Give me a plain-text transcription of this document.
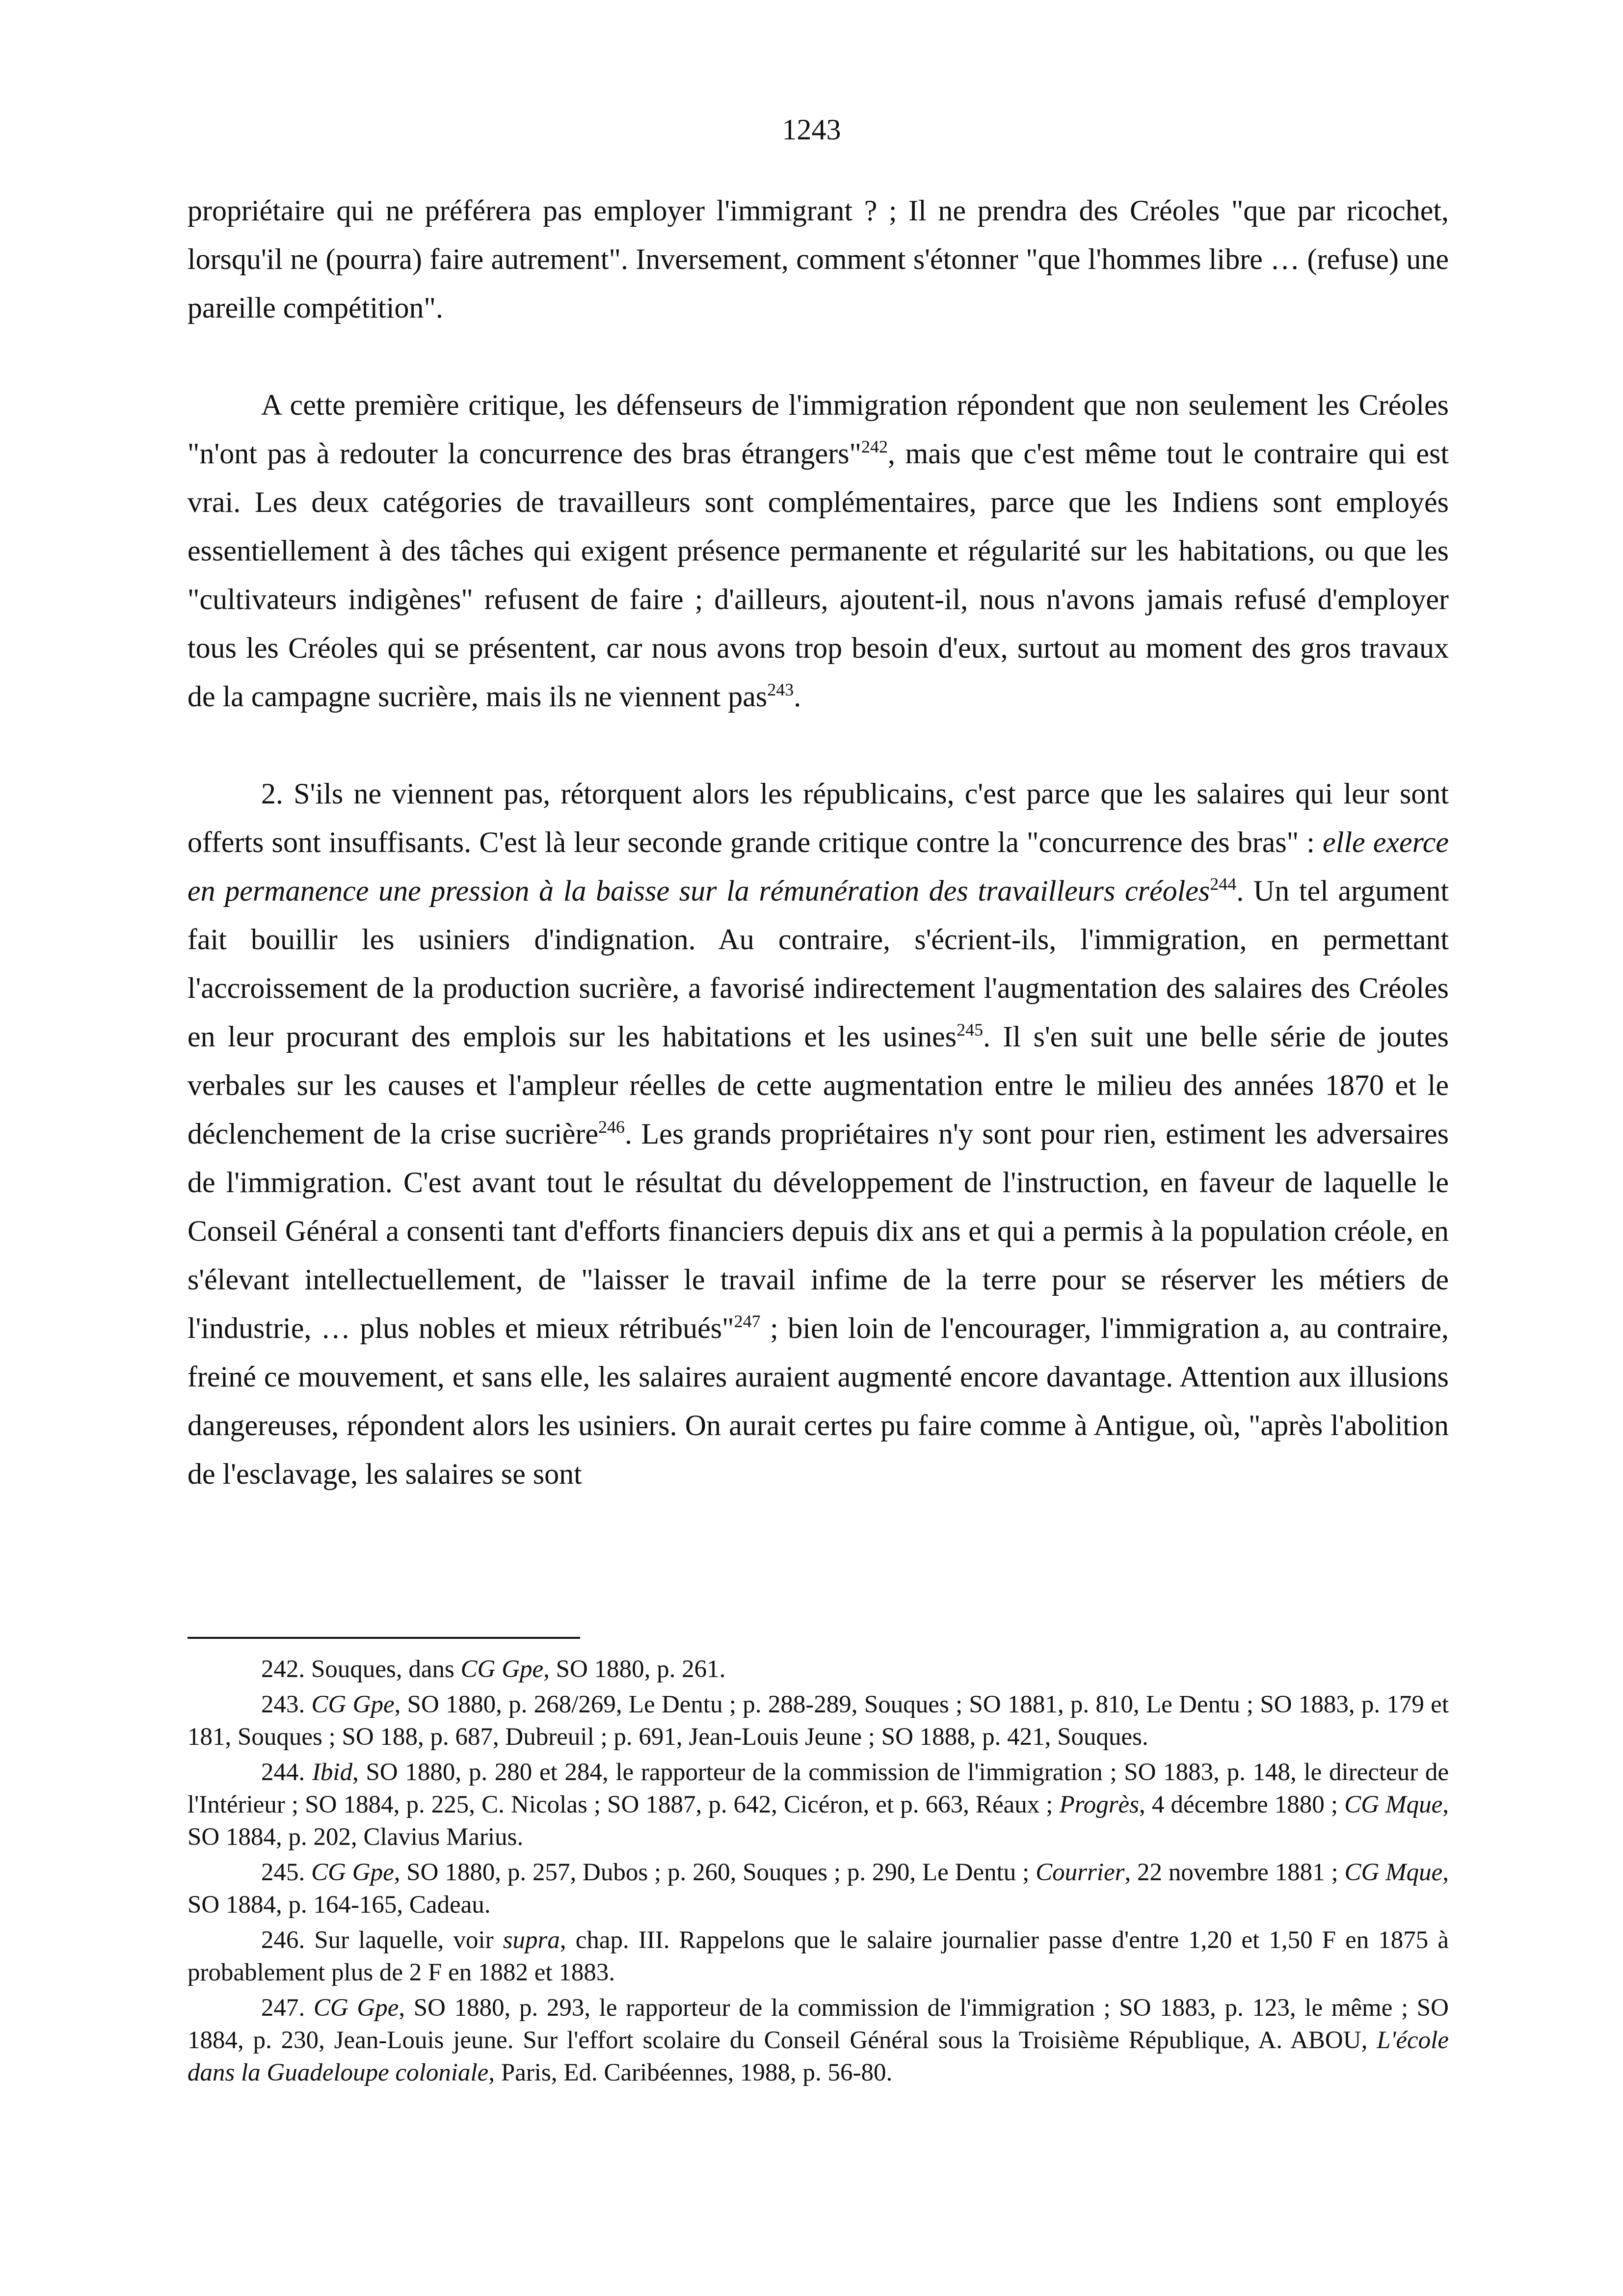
1243

propriétaire qui ne préférera pas employer l'immigrant ? ; Il ne prendra des Créoles "que par ricochet, lorsqu'il ne (pourra) faire autrement". Inversement, comment s'étonner "que l'hommes libre … (refuse) une pareille compétition".

A cette première critique, les défenseurs de l'immigration répondent que non seulement les Créoles "n'ont pas à redouter la concurrence des bras étrangers"$^{242}$, mais que c'est même tout le contraire qui est vrai. Les deux catégories de travailleurs sont complémentaires, parce que les Indiens sont employés essentiellement à des tâches qui exigent présence permanente et régularité sur les habitations, ou que les "cultivateurs indigènes" refusent de faire ; d'ailleurs, ajoutent-il, nous n'avons jamais refusé d'employer tous les Créoles qui se présentent, car nous avons trop besoin d'eux, surtout au moment des gros travaux de la campagne sucrière, mais ils ne viennent pas$^{243}$.

2. S'ils ne viennent pas, rétorquent alors les républicains, c'est parce que les salaires qui leur sont offerts sont insuffisants. C'est là leur seconde grande critique contre la "concurrence des bras" : elle exerce en permanence une pression à la baisse sur la rémunération des travailleurs créoles$^{244}$. Un tel argument fait bouillir les usiniers d'indignation. Au contraire, s'écrient-ils, l'immigration, en permettant l'accroissement de la production sucrière, a favorisé indirectement l'augmentation des salaires des Créoles en leur procurant des emplois sur les habitations et les usines$^{245}$. Il s'en suit une belle série de joutes verbales sur les causes et l'ampleur réelles de cette augmentation entre le milieu des années 1870 et le déclenchement de la crise sucrière$^{246}$. Les grands propriétaires n'y sont pour rien, estiment les adversaires de l'immigration. C'est avant tout le résultat du développement de l'instruction, en faveur de laquelle le Conseil Général a consenti tant d'efforts financiers depuis dix ans et qui a permis à la population créole, en s'élevant intellectuellement, de "laisser le travail infime de la terre pour se réserver les métiers de l'industrie, … plus nobles et mieux rétribués"$^{247}$ ; bien loin de l'encourager, l'immigration a, au contraire, freiné ce mouvement, et sans elle, les salaires auraient augmenté encore davantage. Attention aux illusions dangereuses, répondent alors les usiniers. On aurait certes pu faire comme à Antigue, où, "après l'abolition de l'esclavage, les salaires se sont

242. Souques, dans CG Gpe, SO 1880, p. 261.

243. CG Gpe, SO 1880, p. 268/269, Le Dentu ; p. 288-289, Souques ; SO 1881, p. 810, Le Dentu ; SO 1883, p. 179 et 181, Souques ; SO 188, p. 687, Dubreuil ; p. 691, Jean-Louis Jeune ; SO 1888, p. 421, Souques.

244. Ibid, SO 1880, p. 280 et 284, le rapporteur de la commission de l'immigration ; SO 1883, p. 148, le directeur de l'Intérieur ; SO 1884, p. 225, C. Nicolas ; SO 1887, p. 642, Cicéron, et p. 663, Réaux ; Progrès, 4 décembre 1880 ; CG Mque, SO 1884, p. 202, Clavius Marius.

245. CG Gpe, SO 1880, p. 257, Dubos ; p. 260, Souques ; p. 290, Le Dentu ; Courrier, 22 novembre 1881 ; CG Mque, SO 1884, p. 164-165, Cadeau.

246. Sur laquelle, voir supra, chap. III. Rappelons que le salaire journalier passe d'entre 1,20 et 1,50 F en 1875 à probablement plus de 2 F en 1882 et 1883.

247. CG Gpe, SO 1880, p. 293, le rapporteur de la commission de l'immigration ; SO 1883, p. 123, le même ; SO 1884, p. 230, Jean-Louis jeune. Sur l'effort scolaire du Conseil Général sous la Troisième République, A. ABOU, L'école dans la Guadeloupe coloniale, Paris, Ed. Caribéennes, 1988, p. 56-80.
